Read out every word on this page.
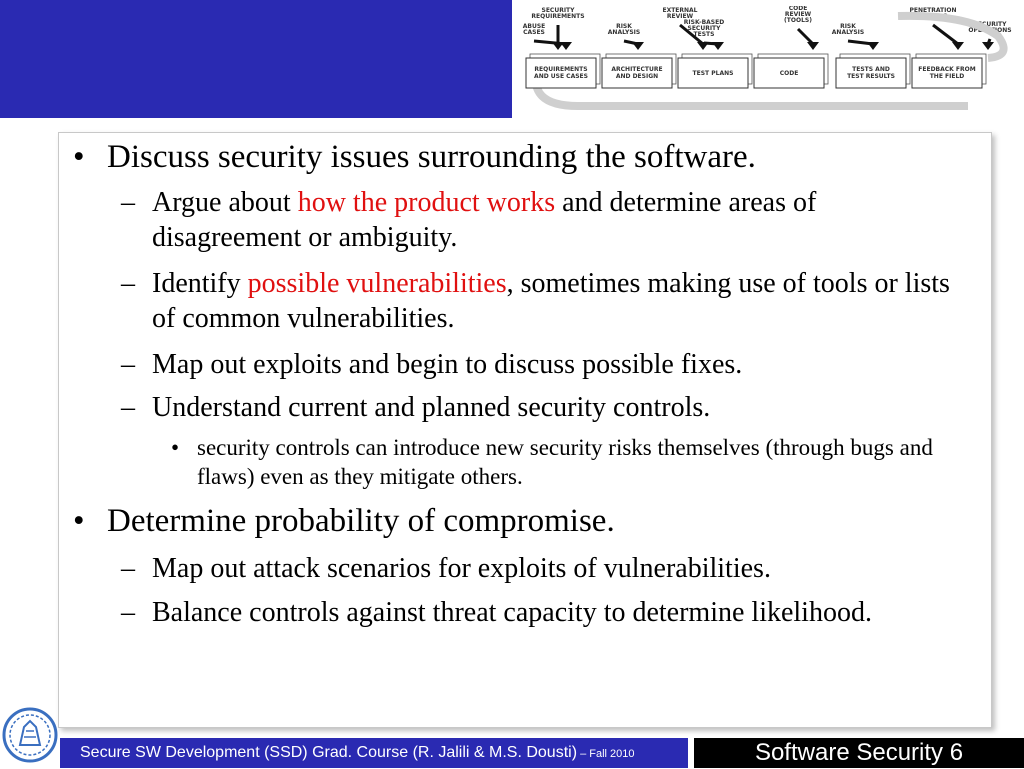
SECURITY REQUIREMENTS
ABUSE CASES
RISK ANALYSIS
EXTERNAL REVIEW
RISK-BASED SECURITY TESTS
CODE REVIEW (TOOLS)
RISK ANALYSIS
PENETRATION TESTING
SECURITY OPERATIONS
REQUIREMENTS AND USE CASES
ARCHITECTURE AND DESIGN	TEST PLANS	CODE
TESTS AND TEST RESULTS
FEEDBACK FROM THE FIELD
• Discuss security issues surrounding the software.
– Argue about how the product works and determine areas of disagreement or ambiguity.
– Identify possible vulnerabilities, sometimes making use of tools or lists of common vulnerabilities.
– Map out exploits and begin to discuss possible fixes.
– Understand current and planned security controls.
• security controls can introduce new security risks themselves (through bugs and flaws) even as they mitigate others.
• Determine probability of compromise.
– Map out attack scenarios for exploits of vulnerabilities.
– Balance controls against threat capacity to determine likelihood.
Secure SW Development (SSD) Grad. Course (R. Jalili & M.S. Dousti) – Fall 2010	Software Security 6
